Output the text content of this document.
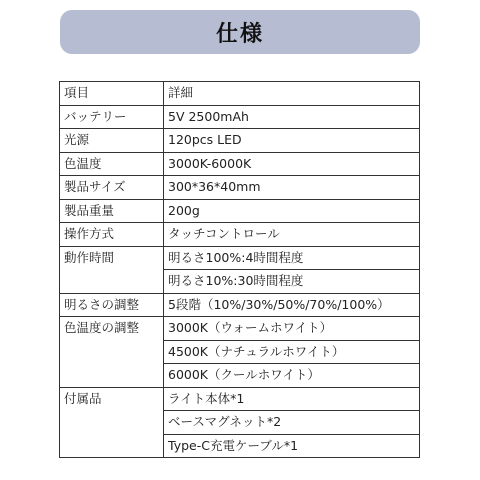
仕様
項目	詳細
バッテリー	5V 2500mAh
光源	120pcs LED
色温度	3000K-6000K
製品サイズ	300*36*40mm
製品重量	200g
操作方式	タッチコントロール
動作時間	明るさ100%:4時間程度
	明るさ10%:30時間程度
明るさの調整	5段階（10%/30%/50%/70%/100%）
色温度の調整	3000K（ウォームホワイト）
	4500K（ナチュラルホワイト）
	6000K（クールホワイト）
付属品	ライト本体*1
	ベースマグネット*2
	Type-C充電ケーブル*1
